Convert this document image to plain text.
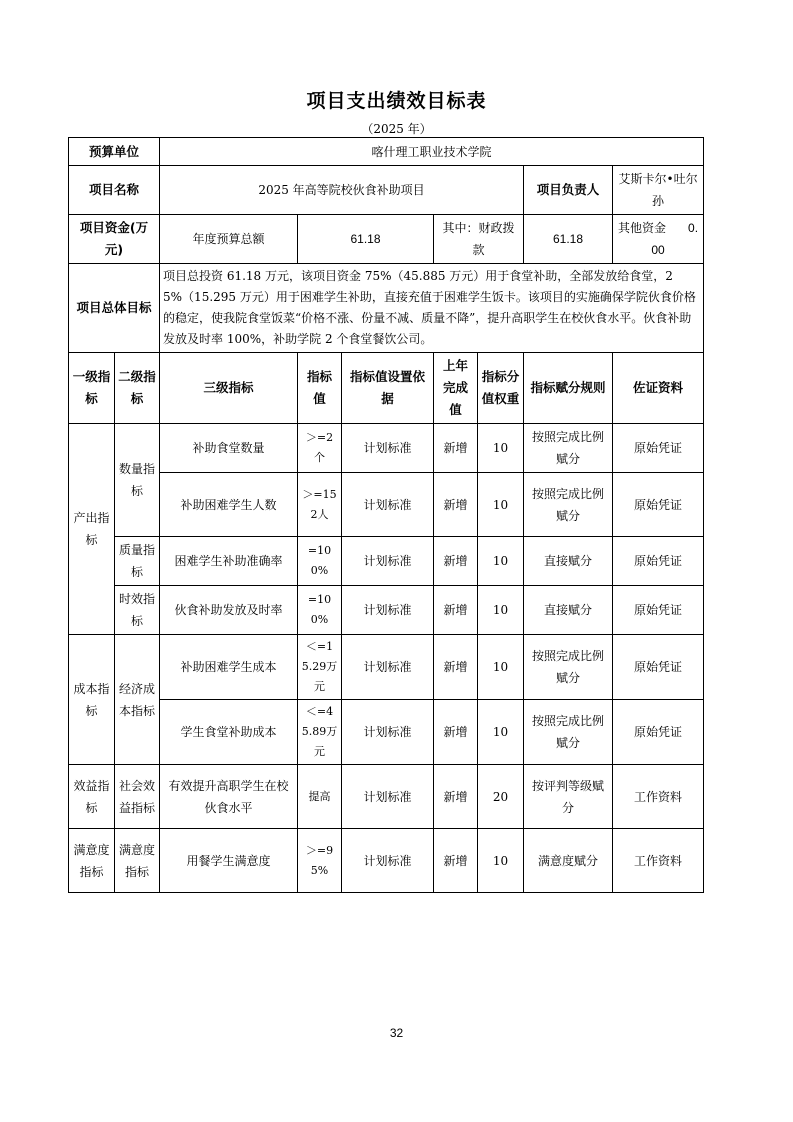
项目支出绩效目标表
（2025 年）
预算单位		喀什理工职业技术学院						
项目名称		2025 年高等院校伙食补助项目					项目负责人	艾斯卡尔•吐尔孙
项目资金(万元)		年度预算总额	61.18		其中：财政拨款		61.18	其他资金 0.00
项目总体目标		项目总投资 61.18 万元，该项目资金 75%（45.885 万元）用于食堂补助，全部发放给食堂，25%（15.295 万元）用于困难学生补助，直接充值于困难学生饭卡。该项目的实施确保学院伙食价格的稳定，使我院食堂饭菜“价格不涨、份量不减、质量不降”，提升高职学生在校伙食水平。伙食补助发放及时率 100%，补助学院 2 个食堂餐饮公司。						
一级指标	二级指标	三级指标	指标值	指标值设置依据	上年完成值	指标分值权重	指标赋分规则	佐证资料
产出指标	数量指标	补助食堂数量	＞=2个	计划标准	新增	10	按照完成比例赋分	原始凭证
		补助困难学生人数	＞=152人	计划标准	新增	10	按照完成比例赋分	原始凭证
	质量指标	困难学生补助准确率	=100%	计划标准	新增	10	直接赋分	原始凭证
	时效指标	伙食补助发放及时率	=100%	计划标准	新增	10	直接赋分	原始凭证
成本指标	经济成本指标	补助困难学生成本	＜=15.29万元	计划标准	新增	10	按照完成比例赋分	原始凭证
		学生食堂补助成本	＜=45.89万元	计划标准	新增	10	按照完成比例赋分	原始凭证
效益指标	社会效益指标	有效提升高职学生在校伙食水平	提高	计划标准	新增	20	按评判等级赋分	工作资料
满意度指标	满意度指标	用餐学生满意度	＞=95%	计划标准	新增	10	满意度赋分	工作资料
32
